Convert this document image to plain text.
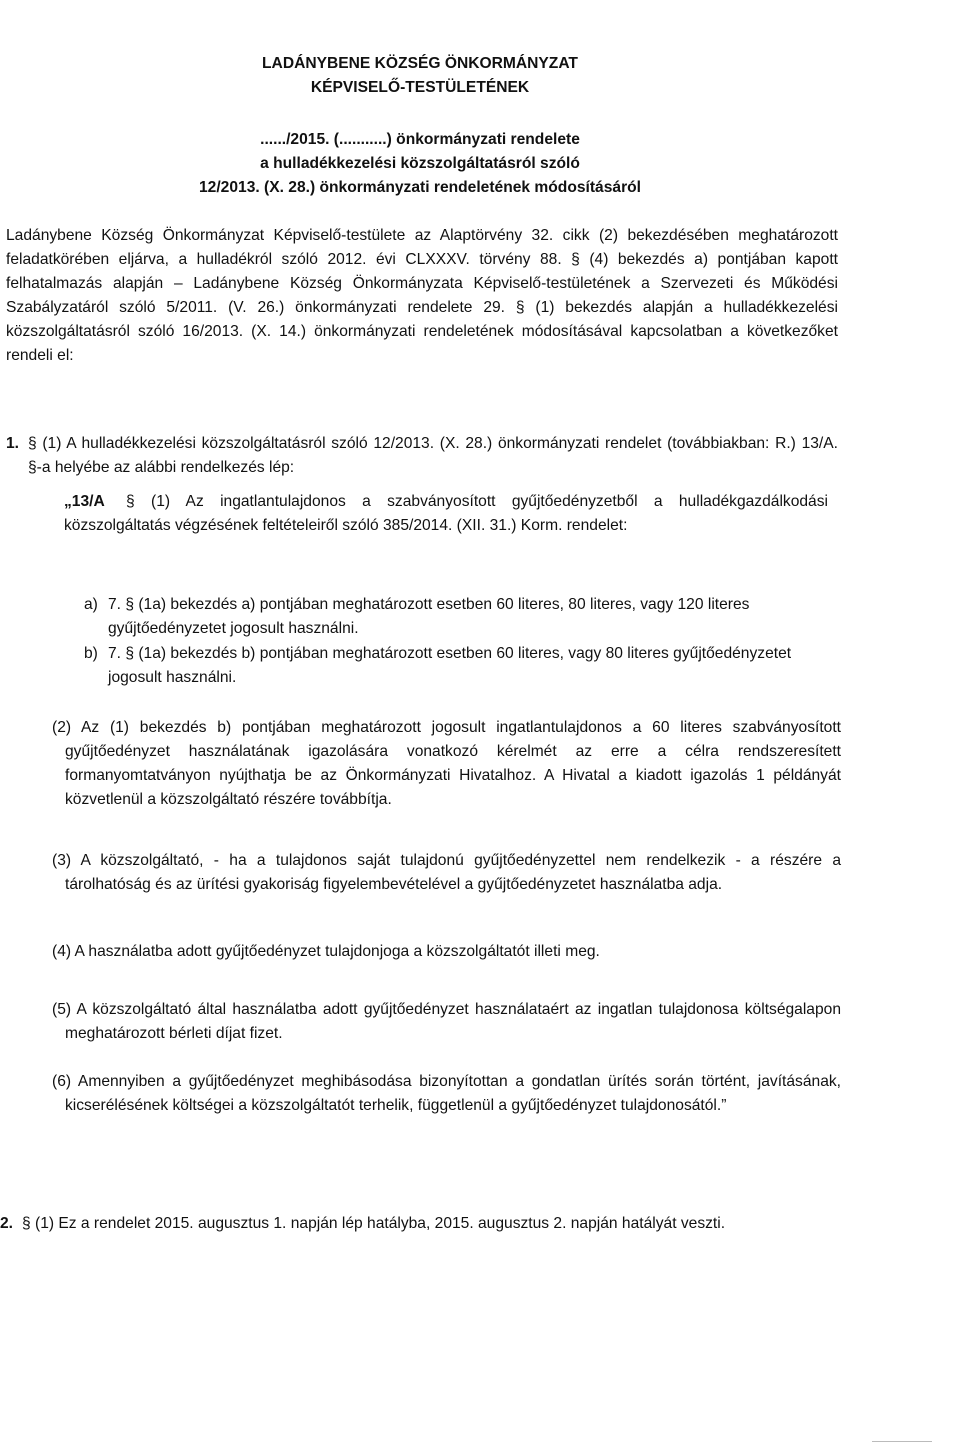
LADÁNYBENE KÖZSÉG ÖNKORMÁNYZAT
KÉPVISELŐ-TESTÜLETÉNEK
....../2015. (...........) önkormányzati rendelete
a hulladékkezelési közszolgáltatásról szóló
12/2013. (X. 28.) önkormányzati rendeletének módosításáról

Ladánybene Község Önkormányzat Képviselő-testülete az Alaptörvény 32. cikk (2) bekezdésében meghatározott feladatkörében eljárva, a hulladékról szóló 2012. évi CLXXXV. törvény 88. § (4) bekezdés a) pontjában kapott felhatalmazás alapján – Ladánybene Község Önkormányzata Képviselő-testületének a Szervezeti és Működési Szabályzatáról szóló 5/2011. (V. 26.) önkormányzati rendelete 29. § (1) bekezdés alapján a hulladékkezelési közszolgáltatásról szóló 16/2013. (X. 14.) önkormányzati rendeletének módosításával kapcsolatban a következőket rendeli el:

1. § (1) A hulladékkezelési közszolgáltatásról szóló 12/2013. (X. 28.) önkormányzati rendelet (továbbiakban: R.) 13/A. §-a helyébe az alábbi rendelkezés lép:

„13/A	§ (1) Az ingatlantulajdonos a szabványosított gyűjtőedényzetből a hulladékgazdálkodási közszolgáltatás végzésének feltételeiről szóló 385/2014. (XII. 31.) Korm. rendelet:

a) 7. § (1a) bekezdés a) pontjában meghatározott esetben 60 literes, 80 literes, vagy 120 literes gyűjtőedényzetet jogosult használni.

b) 7. § (1a) bekezdés b) pontjában meghatározott esetben 60 literes, vagy 80 literes gyűjtőedényzetet jogosult használni.

(2) Az (1) bekezdés b) pontjában meghatározott jogosult ingatlantulajdonos a 60 literes szabványosított gyűjtőedényzet használatának igazolására vonatkozó kérelmét az erre a célra rendszeresített formanyomtatványon nyújthatja be az Önkormányzati Hivatalhoz. A Hivatal a kiadott igazolás 1 példányát közvetlenül a közszolgáltató részére továbbítja.

(3) A közszolgáltató, - ha a tulajdonos saját tulajdonú gyűjtőedényzettel nem rendelkezik - a részére a tárolhatóság és az ürítési gyakoriság figyelembevételével a gyűjtőedényzetet használatba adja.

(4) A használatba adott gyűjtőedényzet tulajdonjoga a közszolgáltatót illeti meg.

(5) A közszolgáltató által használatba adott gyűjtőedényzet használataért az ingatlan tulajdonosa költségalapon meghatározott bérleti díjat fizet.

(6) Amennyiben a gyűjtőedényzet meghibásodása bizonyítottan a gondatlan ürítés során történt, javításának, kicserélésének költségei a közszolgáltatót terhelik, függetlenül a gyűjtőedényzet tulajdonosától.”

2. § (1) Ez a rendelet 2015. augusztus 1. napján lép hatályba, 2015. augusztus 2. napján hatályát veszti.
